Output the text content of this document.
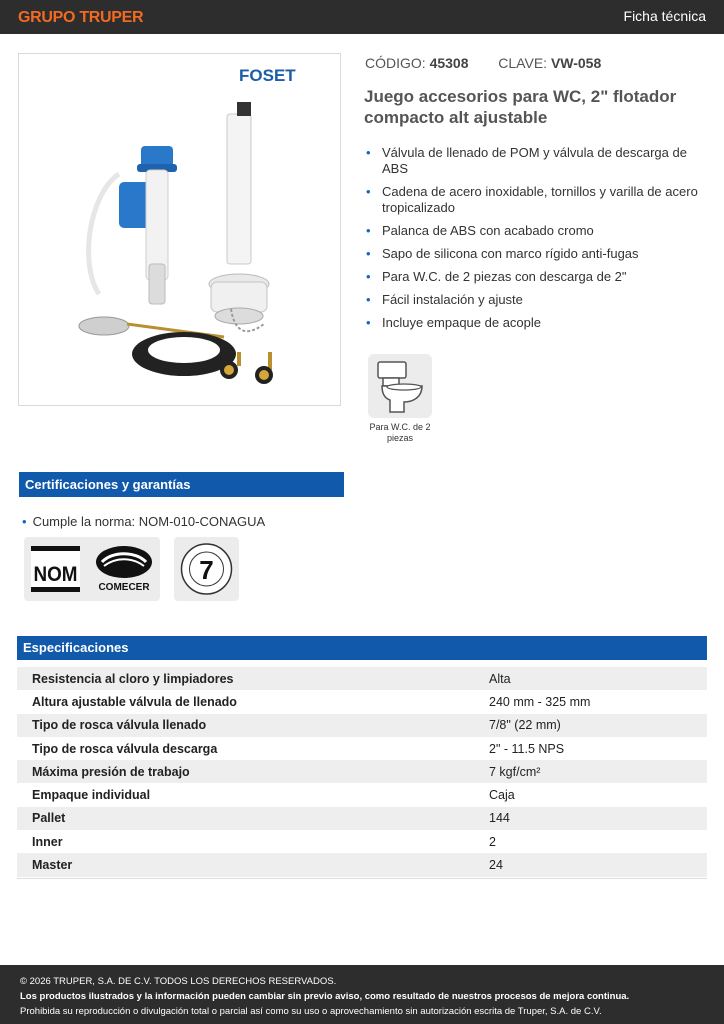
GRUPO TRUPER	Ficha técnica
FOSET
CÓDIGO: 45308 CLAVE: VW-058
Juego accesorios para WC, 2" flotador compacto alt ajustable
• Válvula de llenado de POM y válvula de descarga de ABS
• Cadena de acero inoxidable, tornillos y varilla de acero tropicalizado
• Palanca de ABS con acabado cromo
• Sapo de silicona con marco rígido anti-fugas
• Para W.C. de 2 piezas con descarga de 2"
• Fácil instalación y ajuste
• Incluye empaque de acople
Para W.C. de 2 piezas
Certificaciones y garantías
• Cumple la norma: NOM-010-CONAGUA
NOM
COMECER
7
Especificaciones
Resistencia al cloro y limpiadores	Alta
Altura ajustable válvula de llenado	240 mm - 325 mm
Tipo de rosca válvula llenado	7/8" (22 mm)
Tipo de rosca válvula descarga	2" - 11.5 NPS
Máxima presión de trabajo	7 kgf/cm²
Empaque individual	Caja
Pallet	144
Inner	2
Master	24
© 2026 TRUPER, S.A. DE C.V. TODOS LOS DERECHOS RESERVADOS.
Los productos ilustrados y la información pueden cambiar sin previo aviso, como resultado de nuestros procesos de mejora continua.
Prohibida su reproducción o divulgación total o parcial así como su uso o aprovechamiento sin autorización escrita de Truper, S.A. de C.V.
